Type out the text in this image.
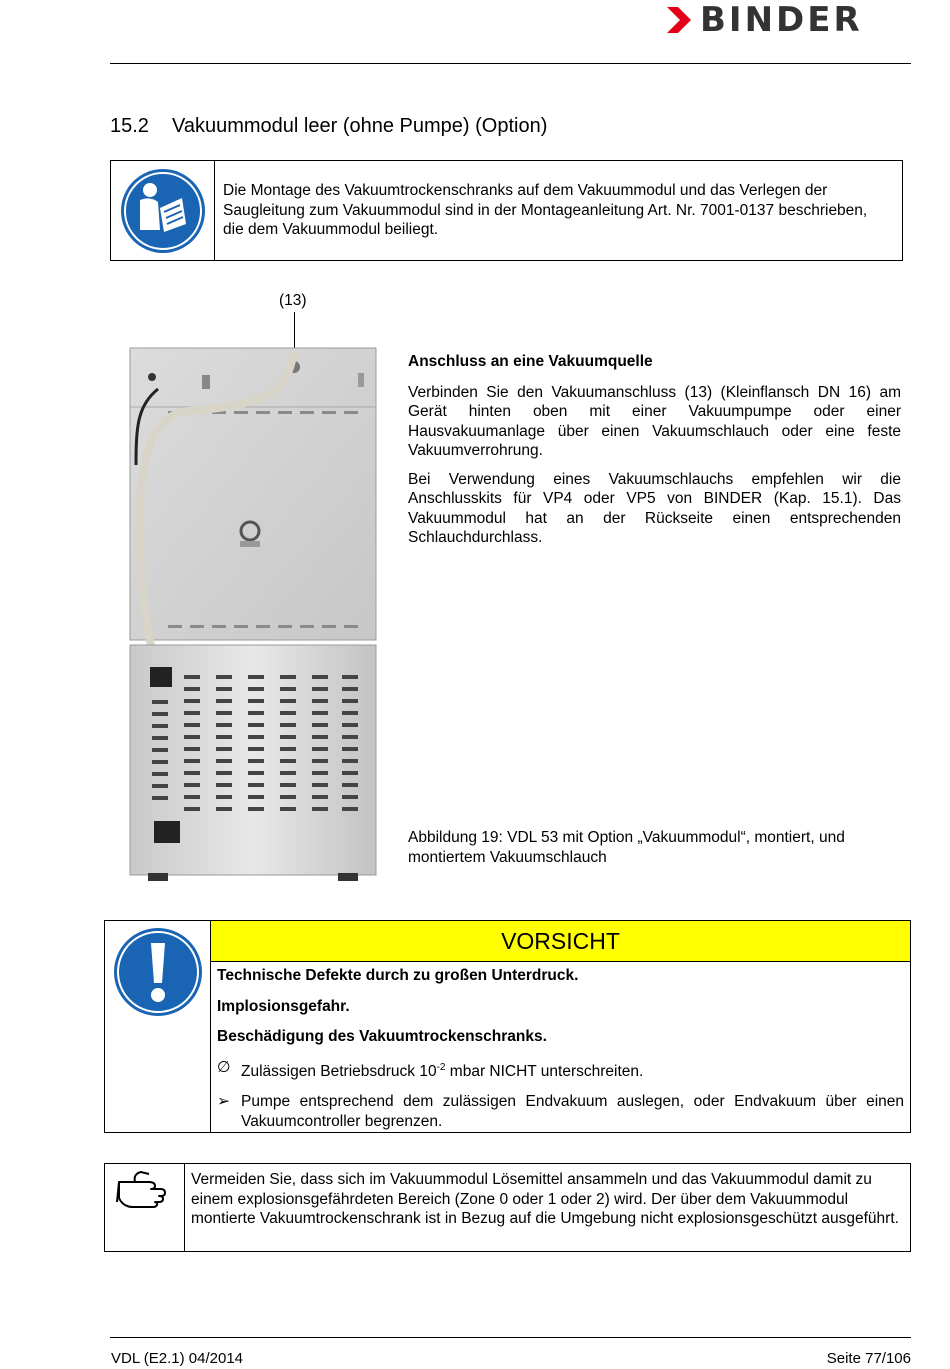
BINDER
15.2 Vakuummodul leer (ohne Pumpe) (Option)
Die Montage des Vakuumtrockenschranks auf dem Vakuummodul und das Verlegen der Saugleitung zum Vakuummodul sind in der Montageanleitung Art. Nr. 7001-0137 beschrieben, die dem Vakuummodul beiliegt.
(13)

Anschluss an eine Vakuumquelle

Verbinden Sie den Vakuumanschluss (13) (Kleinflansch DN 16) am Gerät hinten oben mit einer Vakuumpumpe oder einer Hausvakuumanlage über einen Vakuumschlauch oder eine feste Vakuumverrohrung.

Bei Verwendung eines Vakuumschlauchs empfehlen wir die Anschlusskits für VP4 oder VP5 von BINDER (Kap. 15.1). Das Vakuummodul hat an der Rückseite einen entsprechenden Schlauchdurchlass.

Abbildung 19: VDL 53 mit Option „Vakuummodul“, montiert, und montiertem Vakuumschlauch
VORSICHT

Technische Defekte durch zu großen Unterdruck.

Implosionsgefahr.

Beschädigung des Vakuumtrockenschranks.

∅ Zulässigen Betriebsdruck $10^{-2}$ mbar NICHT unterschreiten.
➢ Pumpe entsprechend dem zulässigen Endvakuum auslegen, oder Endvakuum über einen Vakuumcontroller begrenzen.
Vermeiden Sie, dass sich im Vakuummodul Lösemittel ansammeln und das Vakuummodul damit zu einem explosionsgefährdeten Bereich (Zone 0 oder 1 oder 2) wird. Der über dem Vakuummodul montierte Vakuumtrockenschrank ist in Bezug auf die Umgebung nicht explosionsgeschützt ausgeführt.
VDL (E2.1) 04/2014	Seite 77/106
